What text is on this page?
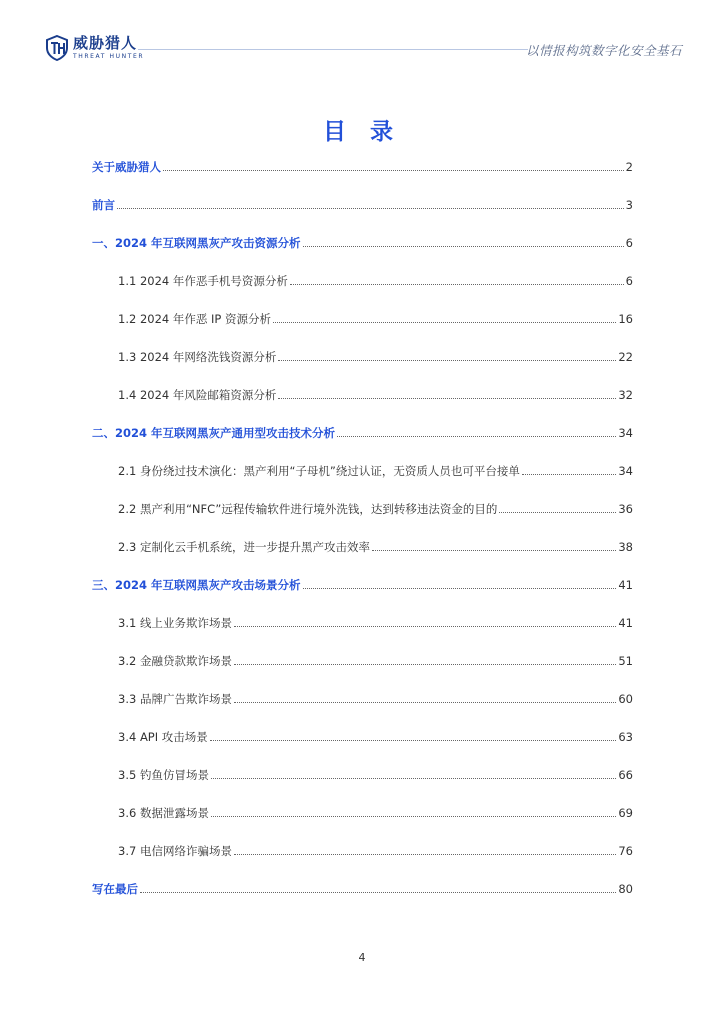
威胁猎人
THREAT HUNTER	以情报构筑数字化安全基石
目 录
关于威胁猎人	2
前言	3
一、2024 年互联网黑灰产攻击资源分析	6
1.1 2024 年作恶手机号资源分析	6
1.2 2024 年作恶 IP 资源分析	16
1.3 2024 年网络洗钱资源分析	22
1.4 2024 年风险邮箱资源分析	32
二、2024 年互联网黑灰产通用型攻击技术分析	34
2.1 身份绕过技术演化：黑产利用“子母机”绕过认证，无资质人员也可平台接单	34
2.2 黑产利用“NFC”远程传输软件进行境外洗钱，达到转移违法资金的目的	36
2.3 定制化云手机系统，进一步提升黑产攻击效率	38
三、2024 年互联网黑灰产攻击场景分析	41
3.1 线上业务欺诈场景	41
3.2 金融贷款欺诈场景	51
3.3 品牌广告欺诈场景	60
3.4 API 攻击场景	63
3.5 钓鱼仿冒场景	66
3.6 数据泄露场景	69
3.7 电信网络诈骗场景	76
写在最后	80
4
